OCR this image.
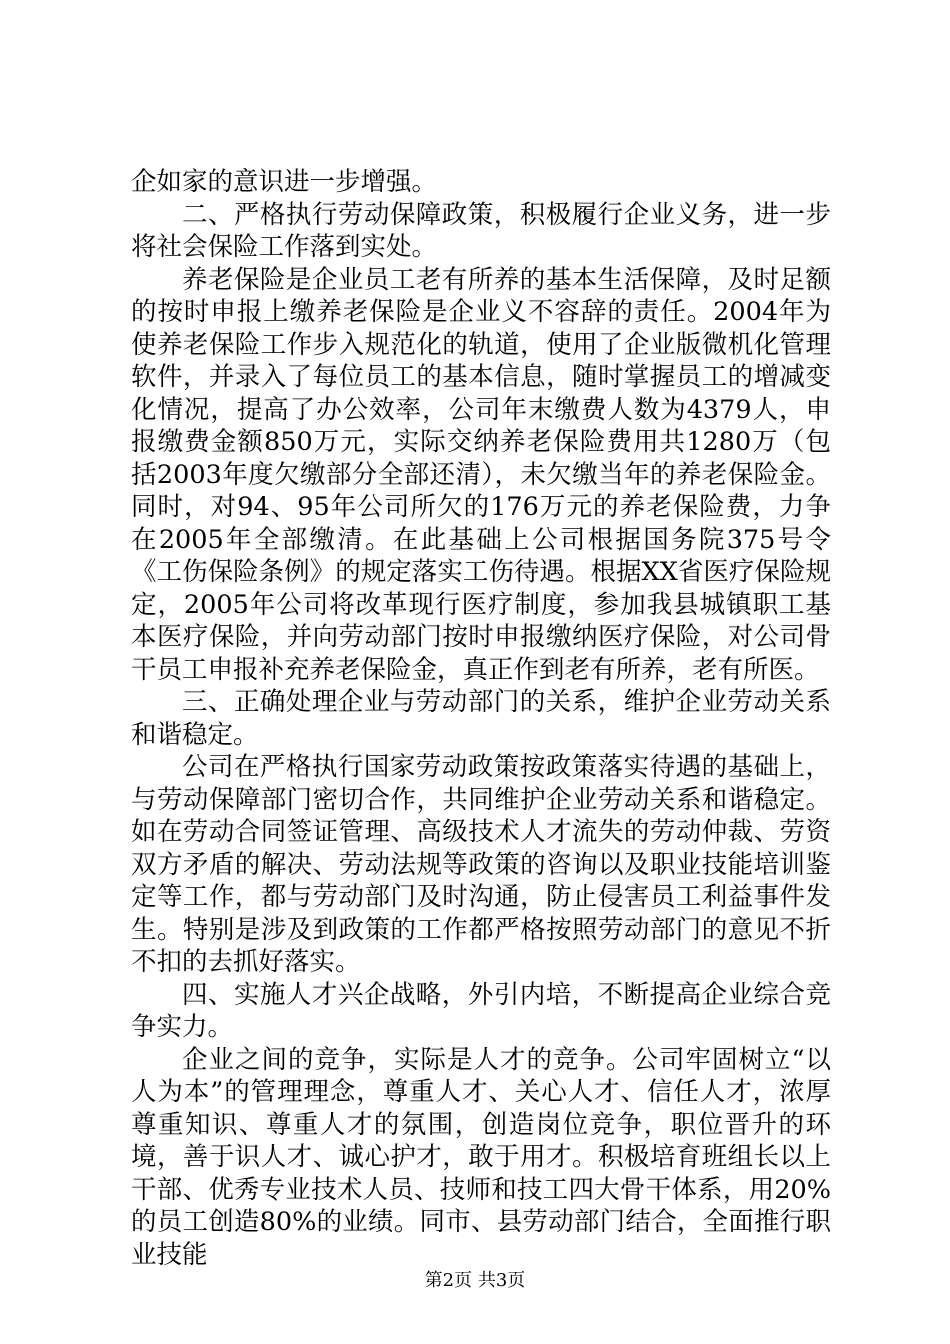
企如家的意识进一步增强。

二、严格执行劳动保障政策，积极履行企业义务，进一步将社会保险工作落到实处。

养老保险是企业员工老有所养的基本生活保障，及时足额的按时申报上缴养老保险是企业义不容辞的责任。2004年为使养老保险工作步入规范化的轨道，使用了企业版微机化管理软件，并录入了每位员工的基本信息，随时掌握员工的增减变化情况，提高了办公效率，公司年末缴费人数为4379人，申报缴费金额850万元，实际交纳养老保险费用共1280万（包括2003年度欠缴部分全部还清），未欠缴当年的养老保险金。同时，对94、95年公司所欠的176万元的养老保险费，力争在2005年全部缴清。在此基础上公司根据国务院375号令《工伤保险条例》的规定落实工伤待遇。根据XX省医疗保险规定，2005年公司将改革现行医疗制度，参加我县城镇职工基本医疗保险，并向劳动部门按时申报缴纳医疗保险，对公司骨干员工申报补充养老保险金，真正作到老有所养，老有所医。

三、正确处理企业与劳动部门的关系，维护企业劳动关系和谐稳定。

公司在严格执行国家劳动政策按政策落实待遇的基础上，与劳动保障部门密切合作，共同维护企业劳动关系和谐稳定。如在劳动合同签证管理、高级技术人才流失的劳动仲裁、劳资双方矛盾的解决、劳动法规等政策的咨询以及职业技能培训鉴定等工作，都与劳动部门及时沟通，防止侵害员工利益事件发生。特别是涉及到政策的工作都严格按照劳动部门的意见不折不扣的去抓好落实。

四、实施人才兴企战略，外引内培，不断提高企业综合竞争实力。

企业之间的竞争，实际是人才的竞争。公司牢固树立“以人为本”的管理理念，尊重人才、关心人才、信任人才，浓厚尊重知识、尊重人才的氛围，创造岗位竞争，职位晋升的环境，善于识人才、诚心护才，敢于用才。积极培育班组长以上干部、优秀专业技术人员、技师和技工四大骨干体系，用20%的员工创造80%的业绩。同市、县劳动部门结合，全面推行职业技能

第2页 共3页
